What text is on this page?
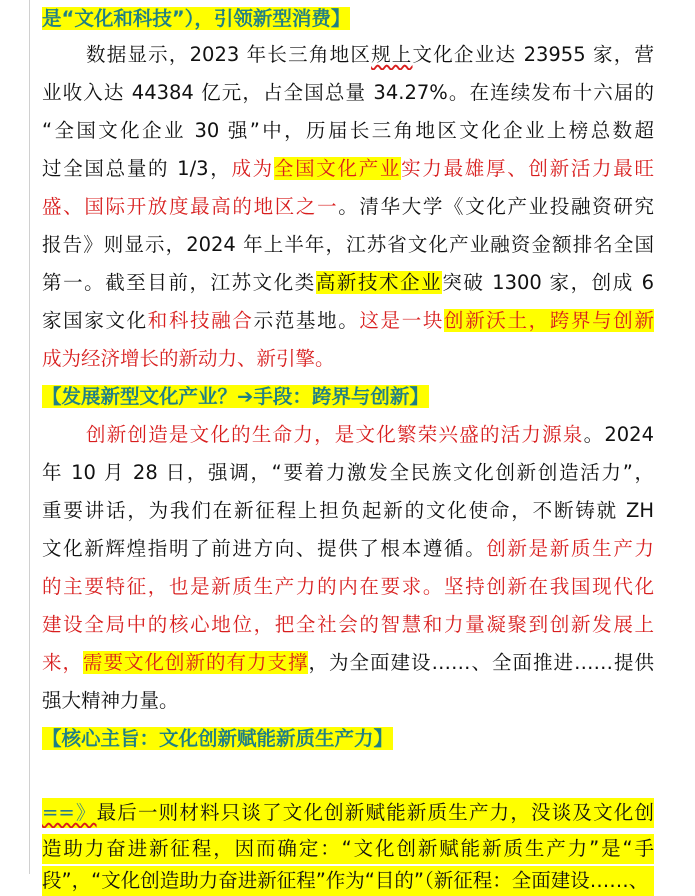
是“文化和科技”），引领新型消费】
数据显示，2023 年长三角地区规上文化企业达 23955 家，营
业收入达 44384 亿元，占全国总量 34.27%。在连续发布十六届的
“全国文化企业 30 强”中，历届长三角地区文化企业上榜总数超
过全国总量的 1/3，成为全国文化产业实力最雄厚、创新活力最旺
盛、国际开放度最高的地区之一。清华大学《文化产业投融资研究
报告》则显示，2024 年上半年，江苏省文化产业融资金额排名全国
第一。截至目前，江苏文化类高新技术企业突破 1300 家，创成 6
家国家文化和科技融合示范基地。这是一块创新沃土，跨界与创新
成为经济增长的新动力、新引擎。
【发展新型文化产业？➔手段：跨界与创新】
创新创造是文化的生命力，是文化繁荣兴盛的活力源泉。2024
年 10 月 28 日，强调，“要着力激发全民族文化创新创造活力”，
重要讲话，为我们在新征程上担负起新的文化使命，不断铸就 ZH
文化新辉煌指明了前进方向、提供了根本遵循。创新是新质生产力
的主要特征，也是新质生产力的内在要求。坚持创新在我国现代化
建设全局中的核心地位，把全社会的智慧和力量凝聚到创新发展上
来，需要文化创新的有力支撑，为全面建设……、全面推进……提供
强大精神力量。
【核心主旨：文化创新赋能新质生产力】
==》最后一则材料只谈了文化创新赋能新质生产力，没谈及文化创
造助力奋进新征程，因而确定：“文化创新赋能新质生产力”是“手
段”，“文化创造助力奋进新征程”作为“目的”（新征程：全面建设……、
